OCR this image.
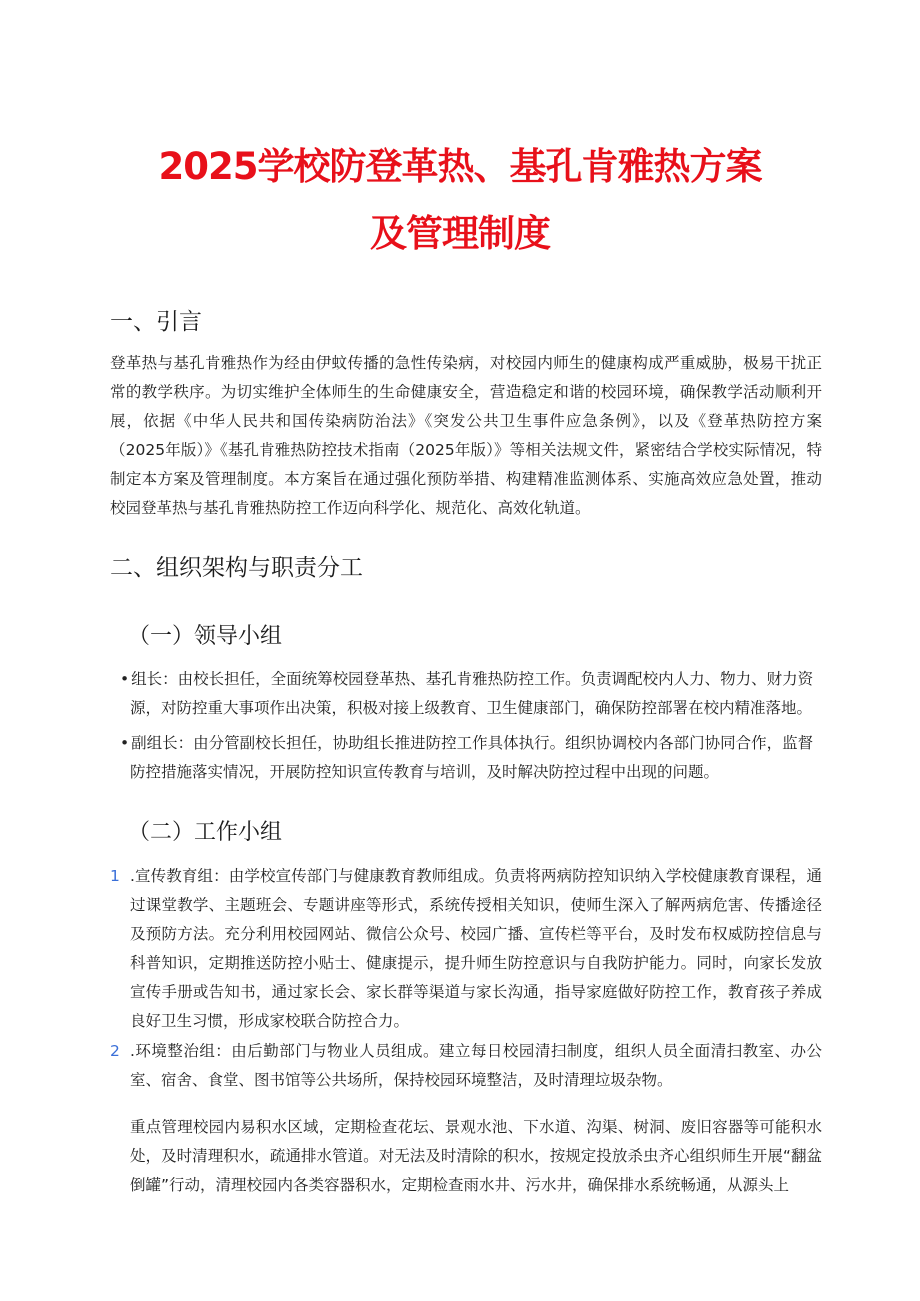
2025学校防登革热、基孔肯雅热方案
及管理制度
一、引言

登革热与基孔肯雅热作为经由伊蚊传播的急性传染病，对校园内师生的健康构成严重威胁，极易干扰正常的教学秩序。为切实维护全体师生的生命健康安全，营造稳定和谐的校园环境，确保教学活动顺利开展，依据《中华人民共和国传染病防治法》《突发公共卫生事件应急条例》，以及《登革热防控方案（2025年版）》《基孔肯雅热防控技术指南（2025年版）》等相关法规文件，紧密结合学校实际情况，特制定本方案及管理制度。本方案旨在通过强化预防举措、构建精准监测体系、实施高效应急处置，推动校园登革热与基孔肯雅热防控工作迈向科学化、规范化、高效化轨道。

二、组织架构与职责分工
（一）领导小组

• 组长：由校长担任，全面统筹校园登革热、基孔肯雅热防控工作。负责调配校内人力、物力、财力资源，对防控重大事项作出决策，积极对接上级教育、卫生健康部门，确保防控部署在校内精准落地。

• 副组长：由分管副校长担任，协助组长推进防控工作具体执行。组织协调校内各部门协同合作，监督防控措施落实情况，开展防控知识宣传教育与培训，及时解决防控过程中出现的问题。

（二）工作小组
1 .宣传教育组：由学校宣传部门与健康教育教师组成。负责将两病防控知识纳入学校健康教育课程，通过课堂教学、主题班会、专题讲座等形式，系统传授相关知识，使师生深入了解两病危害、传播途径及预防方法。充分利用校园网站、微信公众号、校园广播、宣传栏等平台，及时发布权威防控信息与科普知识，定期推送防控小贴士、健康提示，提升师生防控意识与自我防护能力。同时，向家长发放宣传手册或告知书，通过家长会、家长群等渠道与家长沟通，指导家庭做好防控工作，教育孩子养成良好卫生习惯，形成家校联合防控合力。
2 .环境整治组：由后勤部门与物业人员组成。建立每日校园清扫制度，组织人员全面清扫教室、办公室、宿舍、食堂、图书馆等公共场所，保持校园环境整洁，及时清理垃圾杂物。

重点管理校园内易积水区域，定期检查花坛、景观水池、下水道、沟渠、树洞、废旧容器等可能积水处，及时清理积水，疏通排水管道。对无法及时清除的积水，按规定投放杀虫齐心组织师生开展“翻盆倒罐”行动，清理校园内各类容器积水，定期检查雨水井、污水井，确保排水系统畅通，从源头上
